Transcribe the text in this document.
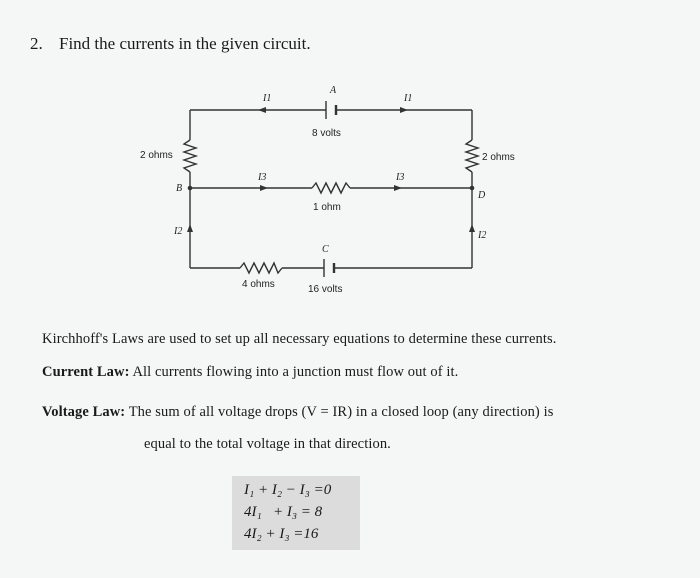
2. Find the currents in the given circuit.
I1	I1
A
8 volts
2 ohms	2 ohms
B
D
I3	I3
1 ohm
I2	I2
C
4 ohms	16 volts
Kirchhoff's Laws are used to set up all necessary equations to determine these currents.
Current Law: All currents flowing into a junction must flow out of it.
Voltage Law: The sum of all voltage drops (V = IR) in a closed loop (any direction) is
equal to the total voltage in that direction.
I₁ + I₂ − I₃ =0
4I₁   + I₃ = 8
4I₂ + I₃ =16
